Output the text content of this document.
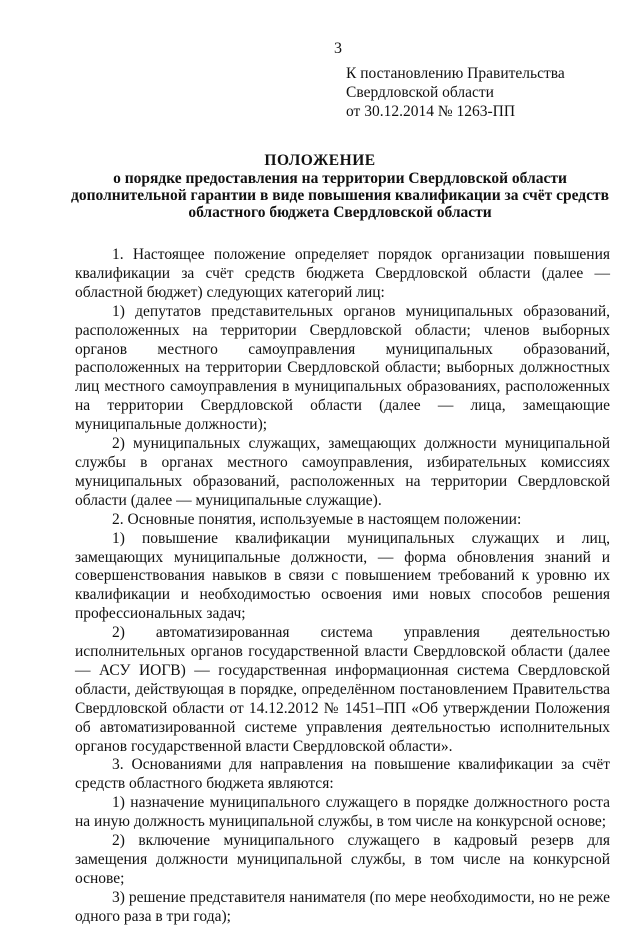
3
К постановлению Правительства
Свердловской области
от 30.12.2014 № 1263-ПП
ПОЛОЖЕНИЕ
о порядке предоставления на территории Свердловской области дополнительной гарантии в виде повышения квалификации за счёт средств областного бюджета Свердловской области

1. Настоящее положение определяет порядок организации повышения квалификации за счёт средств бюджета Свердловской области (далее — областной бюджет) следующих категорий лиц:

1) депутатов представительных органов муниципальных образований, расположенных на территории Свердловской области; членов выборных органов местного самоуправления муниципальных образований, расположенных на территории Свердловской области; выборных должностных лиц местного самоуправления в муниципальных образованиях, расположенных на территории Свердловской области (далее — лица, замещающие муниципальные должности);

2) муниципальных служащих, замещающих должности муниципальной службы в органах местного самоуправления, избирательных комиссиях муниципальных образований, расположенных на территории Свердловской области (далее — муниципальные служащие).

2. Основные понятия, используемые в настоящем положении:

1) повышение квалификации муниципальных служащих и лиц, замещающих муниципальные должности, — форма обновления знаний и совершенствования навыков в связи с повышением требований к уровню их квалификации и необходимостью освоения ими новых способов решения профессиональных задач;

2) автоматизированная система управления деятельностью исполнительных органов государственной власти Свердловской области (далее — АСУ ИОГВ) — государственная информационная система Свердловской области, действующая в порядке, определённом постановлением Правительства Свердловской области от 14.12.2012 № 1451–ПП «Об утверждении Положения об автоматизированной системе управления деятельностью исполнительных органов государственной власти Свердловской области».

3. Основаниями для направления на повышение квалификации за счёт средств областного бюджета являются:

1) назначение муниципального служащего в порядке должностного роста на иную должность муниципальной службы, в том числе на конкурсной основе;

2) включение муниципального служащего в кадровый резерв для замещения должности муниципальной службы, в том числе на конкурсной основе;

3) решение представителя нанимателя (по мере необходимости, но не реже одного раза в три года);
